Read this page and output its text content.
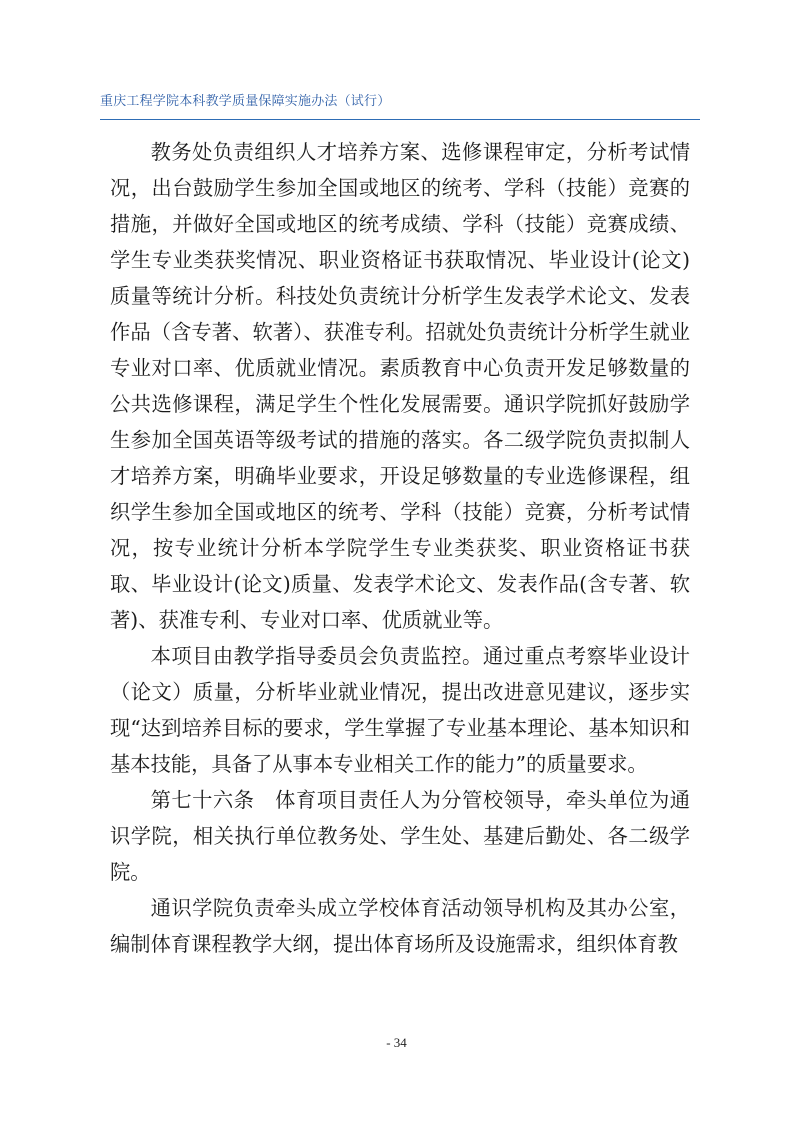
重庆工程学院本科教学质量保障实施办法（试行）

教务处负责组织人才培养方案、选修课程审定，分析考试情况，出台鼓励学生参加全国或地区的统考、学科（技能）竞赛的措施，并做好全国或地区的统考成绩、学科（技能）竞赛成绩、学生专业类获奖情况、职业资格证书获取情况、毕业设计(论文)质量等统计分析。科技处负责统计分析学生发表学术论文、发表作品（含专著、软著）、获准专利。招就处负责统计分析学生就业专业对口率、优质就业情况。素质教育中心负责开发足够数量的公共选修课程，满足学生个性化发展需要。通识学院抓好鼓励学生参加全国英语等级考试的措施的落实。各二级学院负责拟制人才培养方案，明确毕业要求，开设足够数量的专业选修课程，组织学生参加全国或地区的统考、学科（技能）竞赛，分析考试情况，按专业统计分析本学院学生专业类获奖、职业资格证书获取、毕业设计(论文)质量、发表学术论文、发表作品(含专著、软著)、获准专利、专业对口率、优质就业等。

本项目由教学指导委员会负责监控。通过重点考察毕业设计（论文）质量，分析毕业就业情况，提出改进意见建议，逐步实现“达到培养目标的要求，学生掌握了专业基本理论、基本知识和基本技能，具备了从事本专业相关工作的能力”的质量要求。

第七十六条　体育项目责任人为分管校领导，牵头单位为通识学院，相关执行单位教务处、学生处、基建后勤处、各二级学院。

通识学院负责牵头成立学校体育活动领导机构及其办公室，编制体育课程教学大纲，提出体育场所及设施需求，组织体育教

- 34
